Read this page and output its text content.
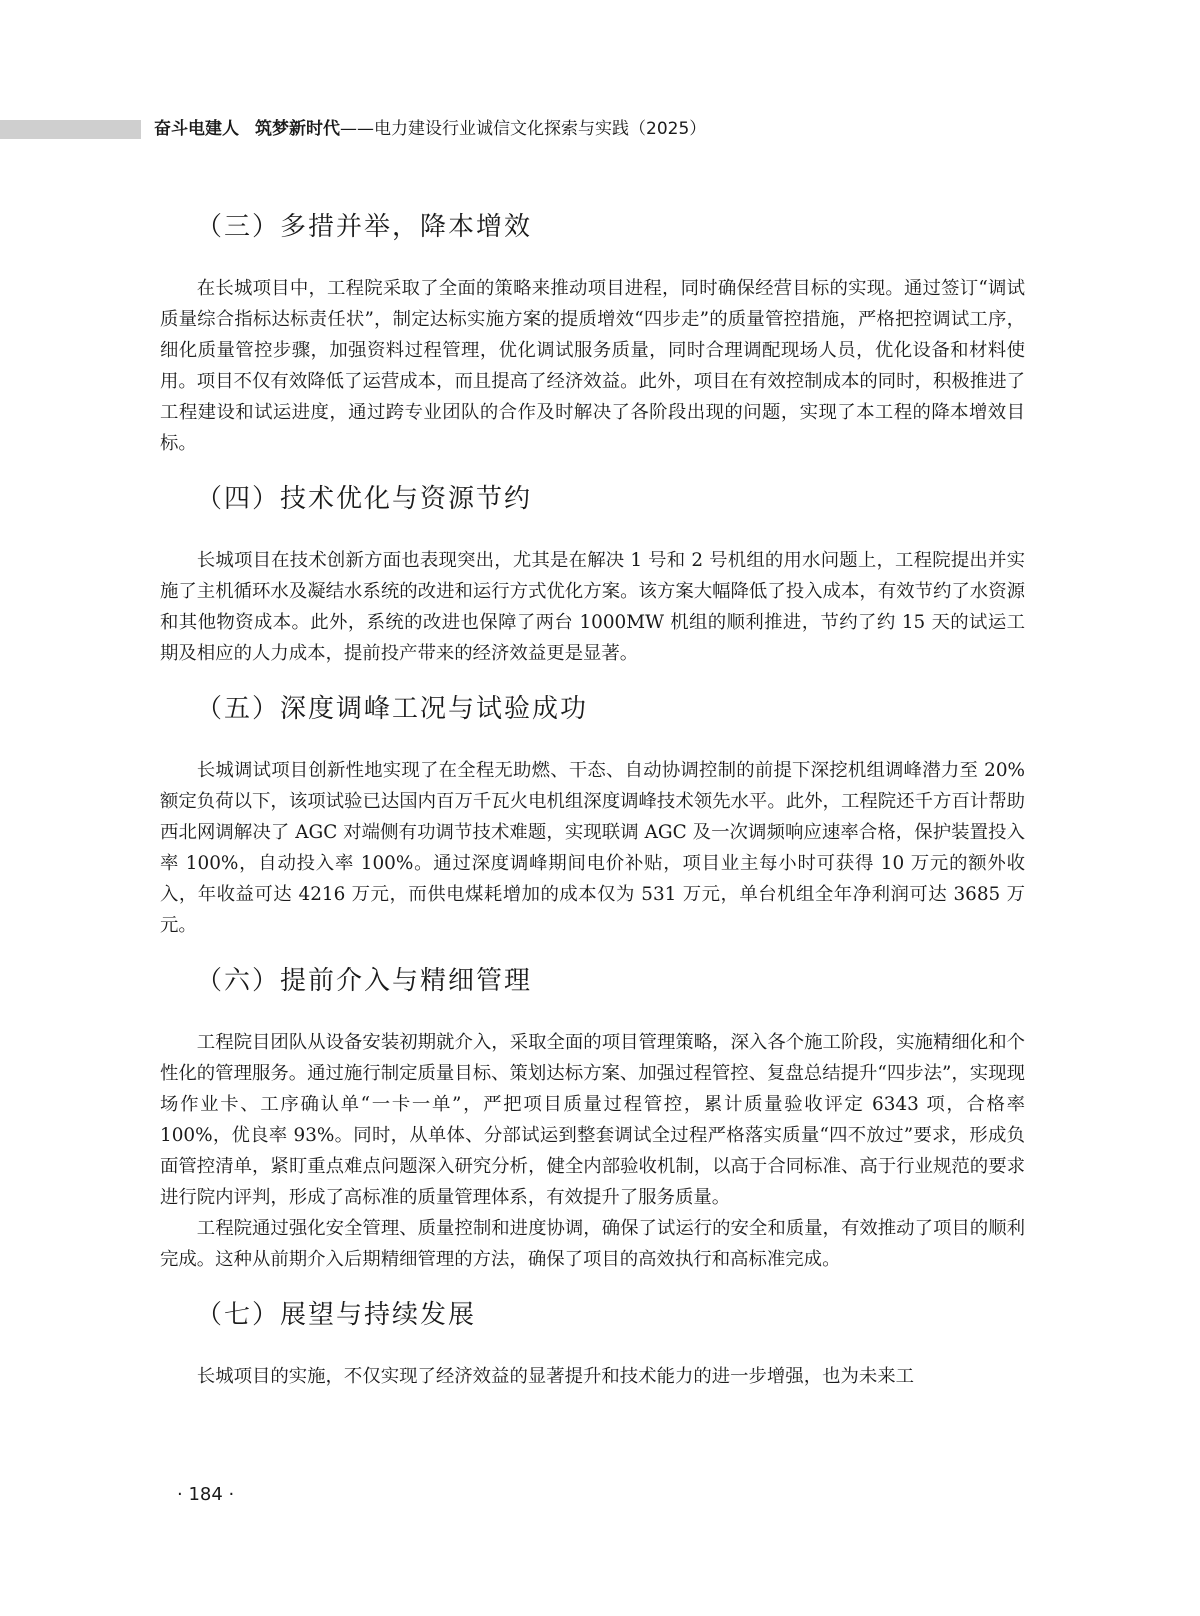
奋斗电建人 筑梦新时代——电力建设行业诚信文化探索与实践（2025）
（三）多措并举，降本增效

在长城项目中，工程院采取了全面的策略来推动项目进程，同时确保经营目标的实现。通过签订“调试质量综合指标达标责任状”，制定达标实施方案的提质增效“四步走”的质量管控措施，严格把控调试工序，细化质量管控步骤，加强资料过程管理，优化调试服务质量，同时合理调配现场人员，优化设备和材料使用。项目不仅有效降低了运营成本，而且提高了经济效益。此外，项目在有效控制成本的同时，积极推进了工程建设和试运进度，通过跨专业团队的合作及时解决了各阶段出现的问题，实现了本工程的降本增效目标。

（四）技术优化与资源节约

长城项目在技术创新方面也表现突出，尤其是在解决 1 号和 2 号机组的用水问题上，工程院提出并实施了主机循环水及凝结水系统的改进和运行方式优化方案。该方案大幅降低了投入成本，有效节约了水资源和其他物资成本。此外，系统的改进也保障了两台 1000MW 机组的顺利推进，节约了约 15 天的试运工期及相应的人力成本，提前投产带来的经济效益更是显著。

（五）深度调峰工况与试验成功

长城调试项目创新性地实现了在全程无助燃、干态、自动协调控制的前提下深挖机组调峰潜力至 20%额定负荷以下，该项试验已达国内百万千瓦火电机组深度调峰技术领先水平。此外，工程院还千方百计帮助西北网调解决了 AGC 对端侧有功调节技术难题，实现联调 AGC 及一次调频响应速率合格，保护装置投入率 100%，自动投入率 100%。通过深度调峰期间电价补贴，项目业主每小时可获得 10 万元的额外收入，年收益可达 4216 万元，而供电煤耗增加的成本仅为 531 万元，单台机组全年净利润可达 3685 万元。

（六）提前介入与精细管理

工程院目团队从设备安装初期就介入，采取全面的项目管理策略，深入各个施工阶段，实施精细化和个性化的管理服务。通过施行制定质量目标、策划达标方案、加强过程管控、复盘总结提升“四步法”，实现现场作业卡、工序确认单“一卡一单”，严把项目质量过程管控，累计质量验收评定 6343 项，合格率 100%，优良率 93%。同时，从单体、分部试运到整套调试全过程严格落实质量“四不放过”要求，形成负面管控清单，紧盯重点难点问题深入研究分析，健全内部验收机制，以高于合同标准、高于行业规范的要求进行院内评判，形成了高标准的质量管理体系，有效提升了服务质量。

工程院通过强化安全管理、质量控制和进度协调，确保了试运行的安全和质量，有效推动了项目的顺利完成。这种从前期介入后期精细管理的方法，确保了项目的高效执行和高标准完成。

（七）展望与持续发展

长城项目的实施，不仅实现了经济效益的显著提升和技术能力的进一步增强，也为未来工

· 184 ·
